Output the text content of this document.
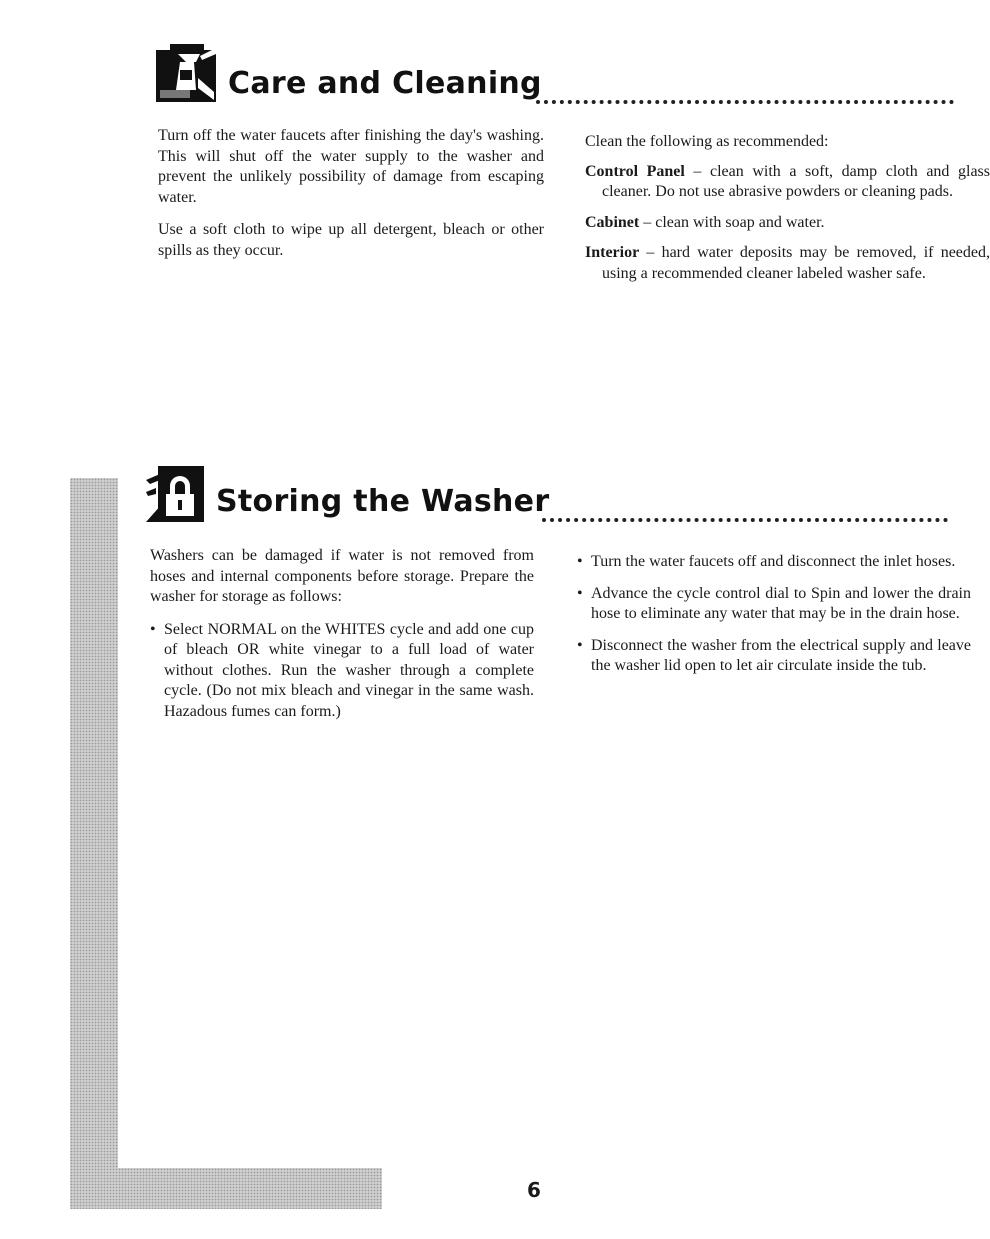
Care and Cleaning

Turn off the water faucets after finishing the day's washing. This will shut off the water supply to the washer and prevent the unlikely possibility of damage from escaping water.

Use a soft cloth to wipe up all detergent, bleach or other spills as they occur.

Clean the following as recommended:

Control Panel – clean with a soft, damp cloth and glass cleaner. Do not use abrasive powders or cleaning pads.
Cabinet – clean with soap and water.
Interior – hard water deposits may be removed, if needed, using a recommended cleaner labeled washer safe.
Storing the Washer

Washers can be damaged if water is not removed from hoses and internal components before storage. Prepare the washer for storage as follows:

• Select NORMAL on the WHITES cycle and add one cup of bleach OR white vinegar to a full load of water without clothes. Run the washer through a complete cycle. (Do not mix bleach and vinegar in the same wash. Hazadous fumes can form.)
• Turn the water faucets off and disconnect the inlet hoses.
• Advance the cycle control dial to Spin and lower the drain hose to eliminate any water that may be in the drain hose.
• Disconnect the washer from the electrical supply and leave the washer lid open to let air circulate inside the tub.
6
